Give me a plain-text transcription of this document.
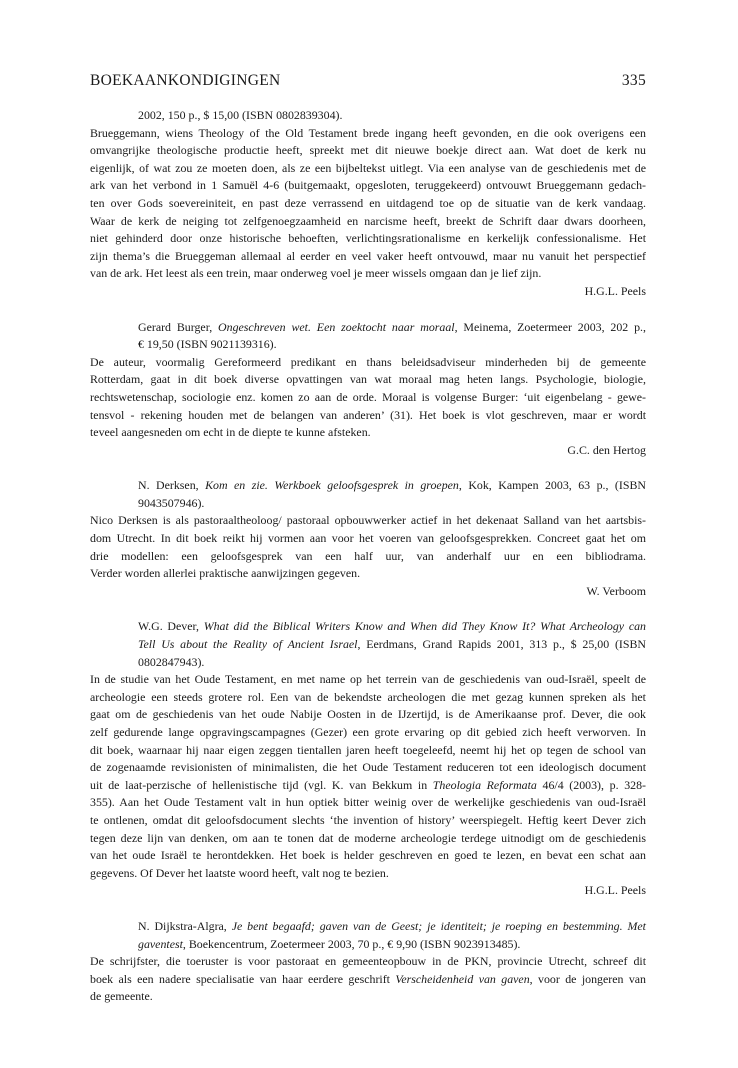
BOEKAANKONDIGINGEN	335
2002, 150 p., $ 15,00 (ISBN 0802839304).
Brueggemann, wiens Theology of the Old Testament brede ingang heeft gevonden, en die ook overigens een
omvangrijke theologische productie heeft, spreekt met dit nieuwe boekje direct aan. Wat doet de kerk nu
eigenlijk, of wat zou ze moeten doen, als ze een bijbeltekst uitlegt. Via een analyse van de geschiedenis met de
ark van het verbond in 1 Samuël 4-6 (buitgemaakt, opgesloten, teruggekeerd) ontvouwt Brueggemann gedach-
ten over Gods soevereiniteit, en past deze verrassend en uitdagend toe op de situatie van de kerk vandaag.
Waar de kerk de neiging tot zelfgenoegzaamheid en narcisme heeft, breekt de Schrift daar dwars doorheen,
niet gehinderd door onze historische behoeften, verlichtingsrationalisme en kerkelijk confessionalisme. Het
zijn thema’s die Brueggeman allemaal al eerder en veel vaker heeft ontvouwd, maar nu vanuit het perspectief
van de ark. Het leest als een trein, maar onderweg voel je meer wissels omgaan dan je lief zijn.
H.G.L. Peels
Gerard Burger, Ongeschreven wet. Een zoektocht naar moraal, Meinema, Zoetermeer 2003, 202 p.,
€ 19,50 (ISBN 9021139316).
De auteur, voormalig Gereformeerd predikant en thans beleidsadviseur minderheden bij de gemeente
Rotterdam, gaat in dit boek diverse opvattingen van wat moraal mag heten langs. Psychologie, biologie,
rechtswetenschap, sociologie enz. komen zo aan de orde. Moraal is volgense Burger: ‘uit eigenbelang - gewe-
tensvol - rekening houden met de belangen van anderen’ (31). Het boek is vlot geschreven, maar er wordt
teveel aangesneden om echt in de diepte te kunne afsteken.
G.C. den Hertog
N. Derksen, Kom en zie. Werkboek geloofsgesprek in groepen, Kok, Kampen 2003, 63 p., (ISBN
9043507946).
Nico Derksen is als pastoraaltheoloog/ pastoraal opbouwwerker actief in het dekenaat Salland van het aartsbis-
dom Utrecht. In dit boek reikt hij vormen aan voor het voeren van geloofsgesprekken. Concreet gaat het om
drie modellen: een geloofsgesprek van een half uur, van anderhalf uur en een bibliodrama.
Verder worden allerlei praktische aanwijzingen gegeven.
W. Verboom
W.G. Dever, What did the Biblical Writers Know and When did They Know It? What Archeology can
Tell Us about the Reality of Ancient Israel, Eerdmans, Grand Rapids 2001, 313 p., $ 25,00 (ISBN
0802847943).
In de studie van het Oude Testament, en met name op het terrein van de geschiedenis van oud-Israël, speelt de
archeologie een steeds grotere rol. Een van de bekendste archeologen die met gezag kunnen spreken als het
gaat om de geschiedenis van het oude Nabije Oosten in de IJzertijd, is de Amerikaanse prof. Dever, die ook
zelf gedurende lange opgravingscampagnes (Gezer) een grote ervaring op dit gebied zich heeft verworven. In
dit boek, waarnaar hij naar eigen zeggen tientallen jaren heeft toegeleefd, neemt hij het op tegen de school van
de zogenaamde revisionisten of minimalisten, die het Oude Testament reduceren tot een ideologisch document
uit de laat-perzische of hellenistische tijd (vgl. K. van Bekkum in Theologia Reformata 46/4 (2003), p. 328-
355). Aan het Oude Testament valt in hun optiek bitter weinig over de werkelijke geschiedenis van oud-Israël
te ontlenen, omdat dit geloofsdocument slechts ‘the invention of history’ weerspiegelt. Heftig keert Dever zich
tegen deze lijn van denken, om aan te tonen dat de moderne archeologie terdege uitnodigt om de geschiedenis
van het oude Israël te herontdekken. Het boek is helder geschreven en goed te lezen, en bevat een schat aan
gegevens. Of Dever het laatste woord heeft, valt nog te bezien.
H.G.L. Peels
N. Dijkstra-Algra, Je bent begaafd; gaven van de Geest; je identiteit; je roeping en bestemming. Met
gaventest, Boekencentrum, Zoetermeer 2003, 70 p., € 9,90 (ISBN 9023913485).
De schrijfster, die toeruster is voor pastoraat en gemeenteopbouw in de PKN, provincie Utrecht, schreef dit
boek als een nadere specialisatie van haar eerdere geschrift Verscheidenheid van gaven, voor de jongeren van
de gemeente.
